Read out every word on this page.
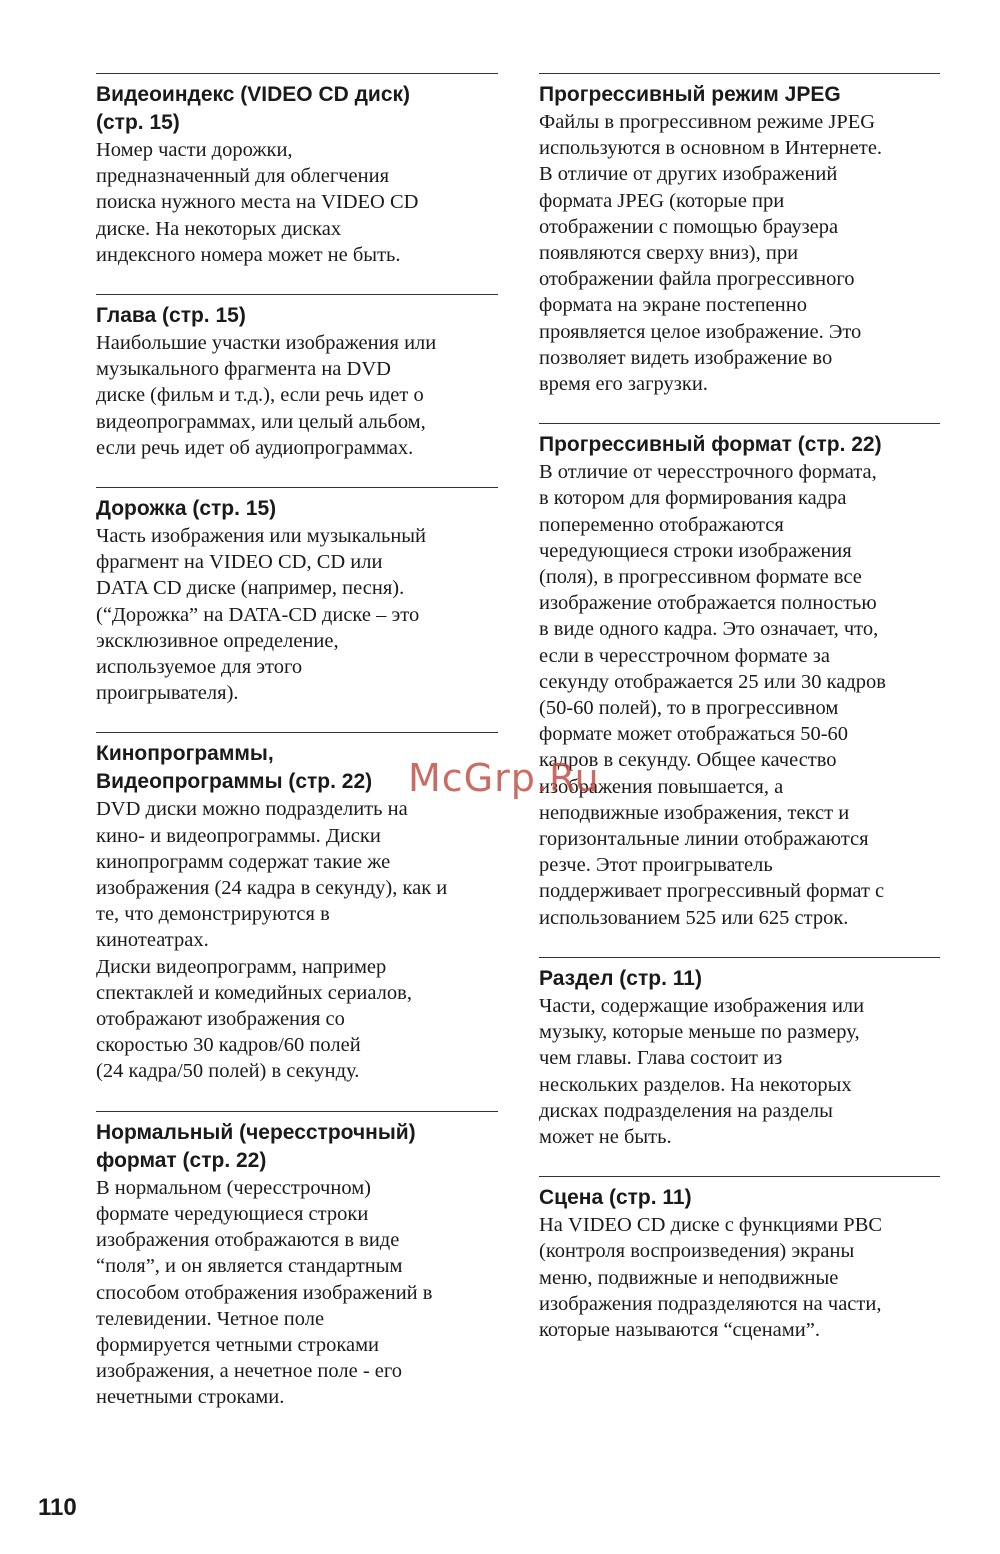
Видеоиндекс (VIDEO CD диск)
(стр. 15)

Номер части дорожки,
предназначенный для облегчения
поиска нужного места на VIDEO CD
диске. На некоторых дисках
индексного номера может не быть.

Глава (стр. 15)

Наибольшие участки изображения или
музыкального фрагмента на DVD
диске (фильм и т.д.), если речь идет о
видеопрограммах, или целый альбом,
если речь идет об аудиопрограммах.

Дорожка (стр. 15)

Часть изображения или музыкальный
фрагмент на VIDEO CD, CD или
DATA CD диске (например, песня).
(“Дорожка” на DATA-CD диске – это
эксклюзивное определение,
используемое для этого
проигрывателя).

Кинопрограммы,
Видеопрограммы (стр. 22)

DVD диски можно подразделить на
кино- и видеопрограммы. Диски
кинопрограмм содержат такие же
изображения (24 кадра в секунду), как и
те, что демонстрируются в
кинотеатрах.
Диски видеопрограмм, например
спектаклей и комедийных сериалов,
отображают изображения со
скоростью 30 кадров/60 полей
(24 кадра/50 полей) в секунду.

Нормальный (чересстрочный)
формат (стр. 22)

В нормальном (чересстрочном)
формате чередующиеся строки
изображения отображаются в виде
“поля”, и он является стандартным
способом отображения изображений в
телевидении. Четное поле
формируется четными строками
изображения, а нечетное поле - его
нечетными строками.

Прогрессивный режим JPEG

Файлы в прогрессивном режиме JPEG
используются в основном в Интернете.
В отличие от других изображений
формата JPEG (которые при
отображении с помощью браузера
появляются сверху вниз), при
отображении файла прогрессивного
формата на экране постепенно
проявляется целое изображение. Это
позволяет видеть изображение во
время его загрузки.

Прогрессивный формат (стр. 22)

В отличие от чересстрочного формата,
в котором для формирования кадра
попеременно отображаются
чередующиеся строки изображения
(поля), в прогрессивном формате все
изображение отображается полностью
в виде одного кадра. Это означает, что,
если в чересстрочном формате за
секунду отображается 25 или 30 кадров
(50-60 полей), то в прогрессивном
формате может отображаться 50-60
кадров в секунду. Общее качество
изображения повышается, а
неподвижные изображения, текст и
горизонтальные линии отображаются
резче. Этот проигрыватель
поддерживает прогрессивный формат с
использованием 525 или 625 строк.

Раздел (стр. 11)

Части, содержащие изображения или
музыку, которые меньше по размеру,
чем главы. Глава состоит из
нескольких разделов. На некоторых
дисках подразделения на разделы
может не быть.

Сцена (стр. 11)

На VIDEO CD диске с функциями PBC
(контроля воспроизведения) экраны
меню, подвижные и неподвижные
изображения подразделяются на части,
которые называются “сценами”.

McGrp.Ru
110
